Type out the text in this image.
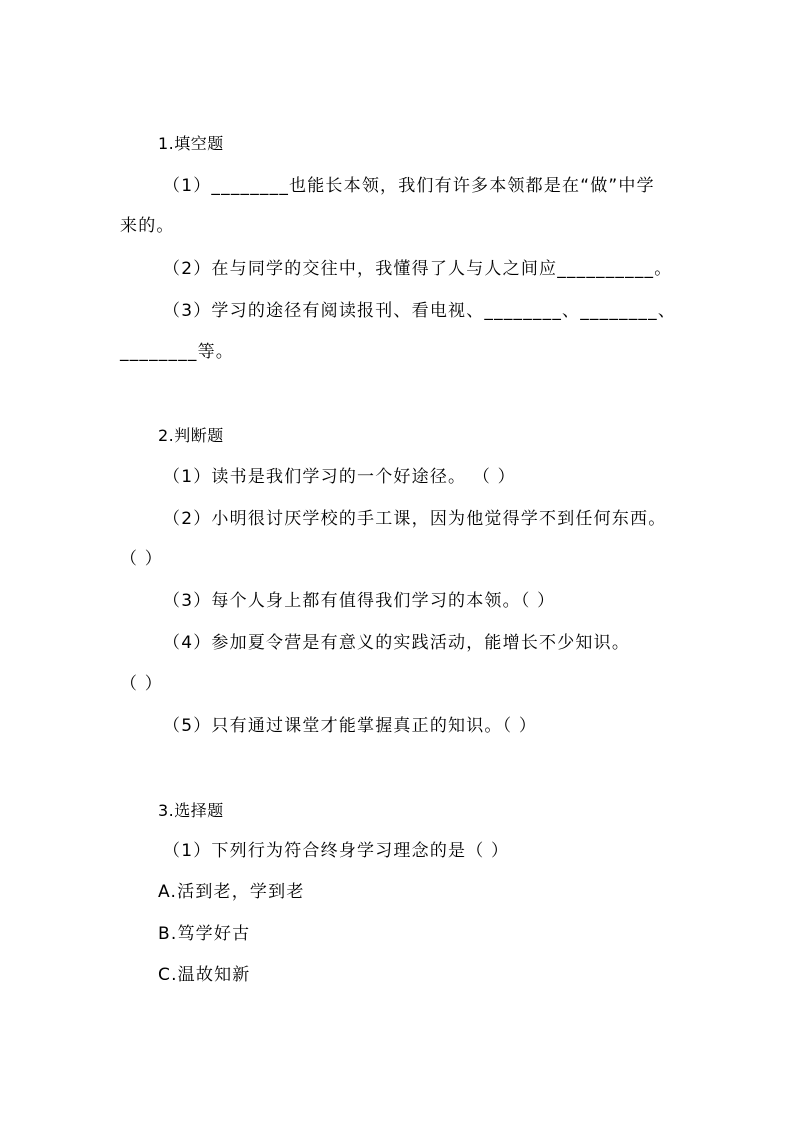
1.填空题
（1）________也能长本领，我们有许多本领都是在“做”中学
来的。
（2）在与同学的交往中，我懂得了人与人之间应__________。
（3）学习的途径有阅读报刊、看电视、________、________、
________等。
2.判断题
（1）读书是我们学习的一个好途径。 （ ）
（2）小明很讨厌学校的手工课，因为他觉得学不到任何东西。
（ ）
（3）每个人身上都有值得我们学习的本领。（ ）
（4）参加夏令营是有意义的实践活动，能增长不少知识。
（ ）
（5）只有通过课堂才能掌握真正的知识。（ ）
3.选择题
（1）下列行为符合终身学习理念的是（ ）
A.活到老，学到老
B.笃学好古
C.温故知新
